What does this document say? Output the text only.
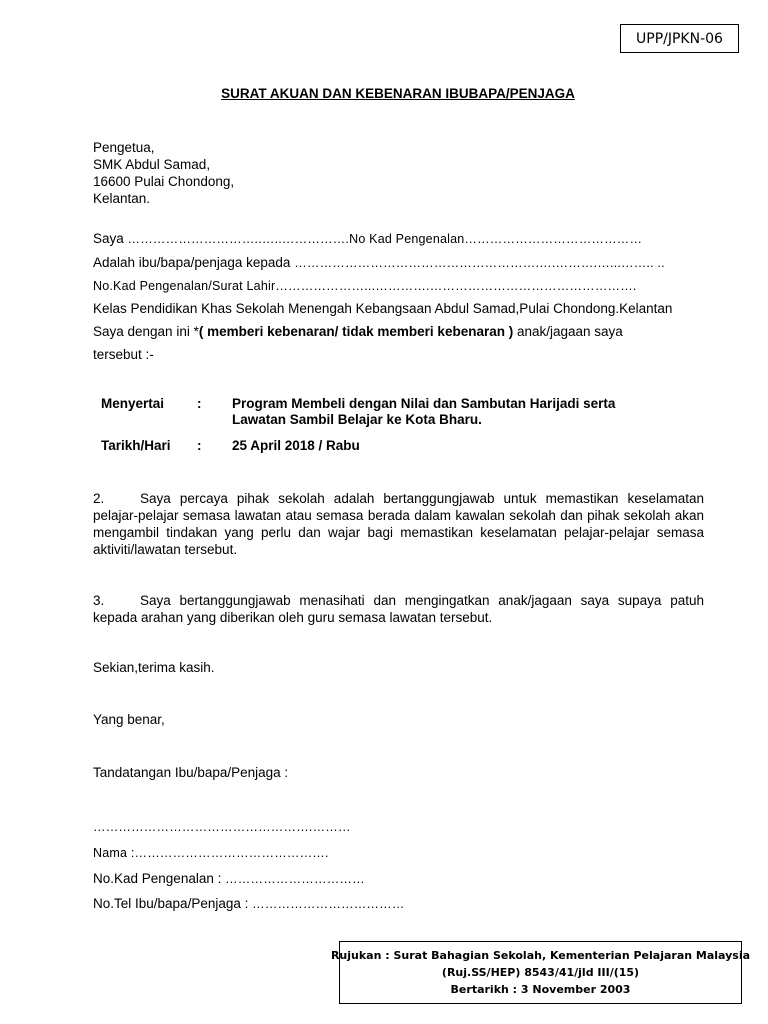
UPP/JPKN-06
SURAT AKUAN DAN KEBENARAN IBUBAPA/PENJAGA
Pengetua,
SMK Abdul Samad,
16600 Pulai Chondong,
Kelantan.
Saya …………………………..…..…………….No Kad Pengenalan……………………………………
Adalah ibu/bapa/penjaga kepada ………………………………………………….….……….…...…….. ..
No.Kad Pengenalan/Surat Lahir…………………...………….………………………………………….
Kelas Pendidikan Khas Sekolah Menengah Kebangsaan Abdul Samad,Pulai Chondong.Kelantan
Saya dengan ini *( memberi kebenaran/ tidak memberi kebenaran ) anak/jagaan saya
tersebut :-
Menyertai : Program Membeli dengan Nilai dan Sambutan Harijadi serta
Lawatan Sambil Belajar ke Kota Bharu.
Tarikh/Hari : 25 April 2018 / Rabu
2.	Saya percaya pihak sekolah adalah bertanggungjawab untuk memastikan keselamatan pelajar-pelajar semasa lawatan atau semasa berada dalam kawalan sekolah dan pihak sekolah akan mengambil tindakan yang perlu dan wajar bagi memastikan keselamatan pelajar-pelajar semasa aktiviti/lawatan tersebut.
3.	Saya bertanggungjawab menasihati dan mengingatkan anak/jagaan saya supaya patuh kepada arahan yang diberikan oleh guru semasa lawatan tersebut.
Sekian,terima kasih.
Yang benar,
Tandatangan Ibu/bapa/Penjaga :
…………………………………………….………
Nama :……………………………………….
No.Kad Pengenalan : ……………………………
No.Tel Ibu/bapa/Penjaga : ………………………………
Rujukan : Surat Bahagian Sekolah, Kementerian Pelajaran Malaysia
(Ruj.SS/HEP) 8543/41/jld III/(15)
Bertarikh : 3 November 2003
